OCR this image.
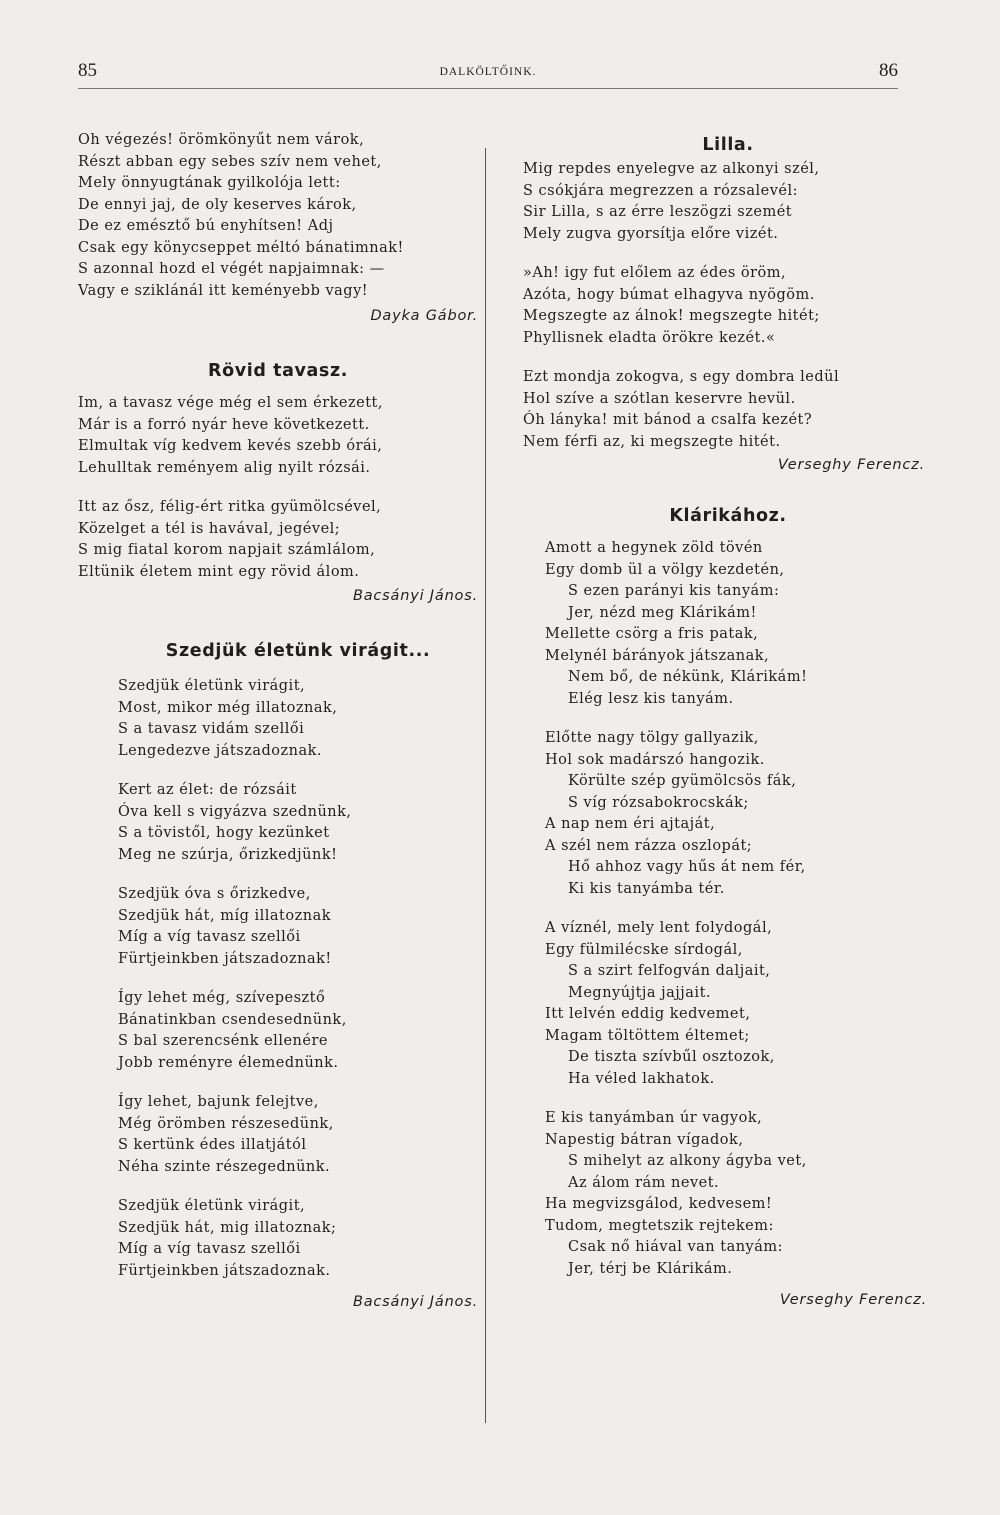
85	DALKÖLTŐINK.	86
Oh végezés! örömkönyűt nem várok,
Részt abban egy sebes szív nem vehet,
Mely önnyugtának gyilkolója lett:
De ennyi jaj, de oly keserves károk,
De ez emésztő bú enyhítsen! Adj
Csak egy könycseppet méltó bánatimnak!
S azonnal hozd el végét napjaimnak: —
Vagy e sziklánál itt keményebb vagy!
Dayka Gábor.
Rövid tavasz.
Im, a tavasz vége még el sem érkezett,
Már is a forró nyár heve következett.
Elmultak víg kedvem kevés szebb órái,
Lehulltak reményem alig nyilt rózsái.
Itt az ősz, félig-ért ritka gyümölcsével,
Közelget a tél is havával, jegével;
S mig fiatal korom napjait számlálom,
Eltünik életem mint egy rövid álom.
Bacsányi János.
Szedjük életünk virágit...
Szedjük életünk virágit,
Most, mikor még illatoznak,
S a tavasz vidám szellői
Lengedezve játszadoznak.
Kert az élet: de rózsáit
Óva kell s vigyázva szednünk,
S a tövistől, hogy kezünket
Meg ne szúrja, őrizkedjünk!
Szedjük óva s őrizkedve,
Szedjük hát, míg illatoznak
Míg a víg tavasz szellői
Fürtjeinkben játszadoznak!
Így lehet még, szívepesztő
Bánatinkban csendesednünk,
S bal szerencsénk ellenére
Jobb reményre élemednünk.
Így lehet, bajunk felejtve,
Még örömben részesedünk,
S kertünk édes illatjától
Néha szinte részegednünk.
Szedjük életünk virágit,
Szedjük hát, mig illatoznak;
Míg a víg tavasz szellői
Fürtjeinkben játszadoznak.
Bacsányi János.
Lilla.
Mig repdes enyelegve az alkonyi szél,
S csókjára megrezzen a rózsalevél:
Sir Lilla, s az érre leszögzi szemét
Mely zugva gyorsítja előre vizét.
»Ah! igy fut előlem az édes öröm,
Azóta, hogy búmat elhagyva nyögöm.
Megszegte az álnok! megszegte hitét;
Phyllisnek eladta örökre kezét.«
Ezt mondja zokogva, s egy dombra ledül
Hol szíve a szótlan keservre hevül.
Óh lányka! mit bánod a csalfa kezét?
Nem férfi az, ki megszegte hitét.
Verseghy Ferencz.
Klárikához.
Amott a hegynek zöld tövén
Egy domb ül a völgy kezdetén,
S ezen parányi kis tanyám:
Jer, nézd meg Klárikám!
Mellette csörg a fris patak,
Melynél bárányok játszanak,
Nem bő, de nékünk, Klárikám!
Elég lesz kis tanyám.
Előtte nagy tölgy gallyazik,
Hol sok madárszó hangozik.
Körülte szép gyümölcsös fák,
S víg rózsabokrocskák;
A nap nem éri ajtaját,
A szél nem rázza oszlopát;
Hő ahhoz vagy hűs át nem fér,
Ki kis tanyámba tér.
A víznél, mely lent folydogál,
Egy fülmilécske sírdogál,
S a szirt felfogván daljait,
Megnyújtja jajjait.
Itt lelvén eddig kedvemet,
Magam töltöttem éltemet;
De tiszta szívbűl osztozok,
Ha véled lakhatok.
E kis tanyámban úr vagyok,
Napestig bátran vígadok,
S mihelyt az alkony ágyba vet,
Az álom rám nevet.
Ha megvizsgálod, kedvesem!
Tudom, megtetszik rejtekem:
Csak nő hiával van tanyám:
Jer, térj be Klárikám.
Verseghy Ferencz.
